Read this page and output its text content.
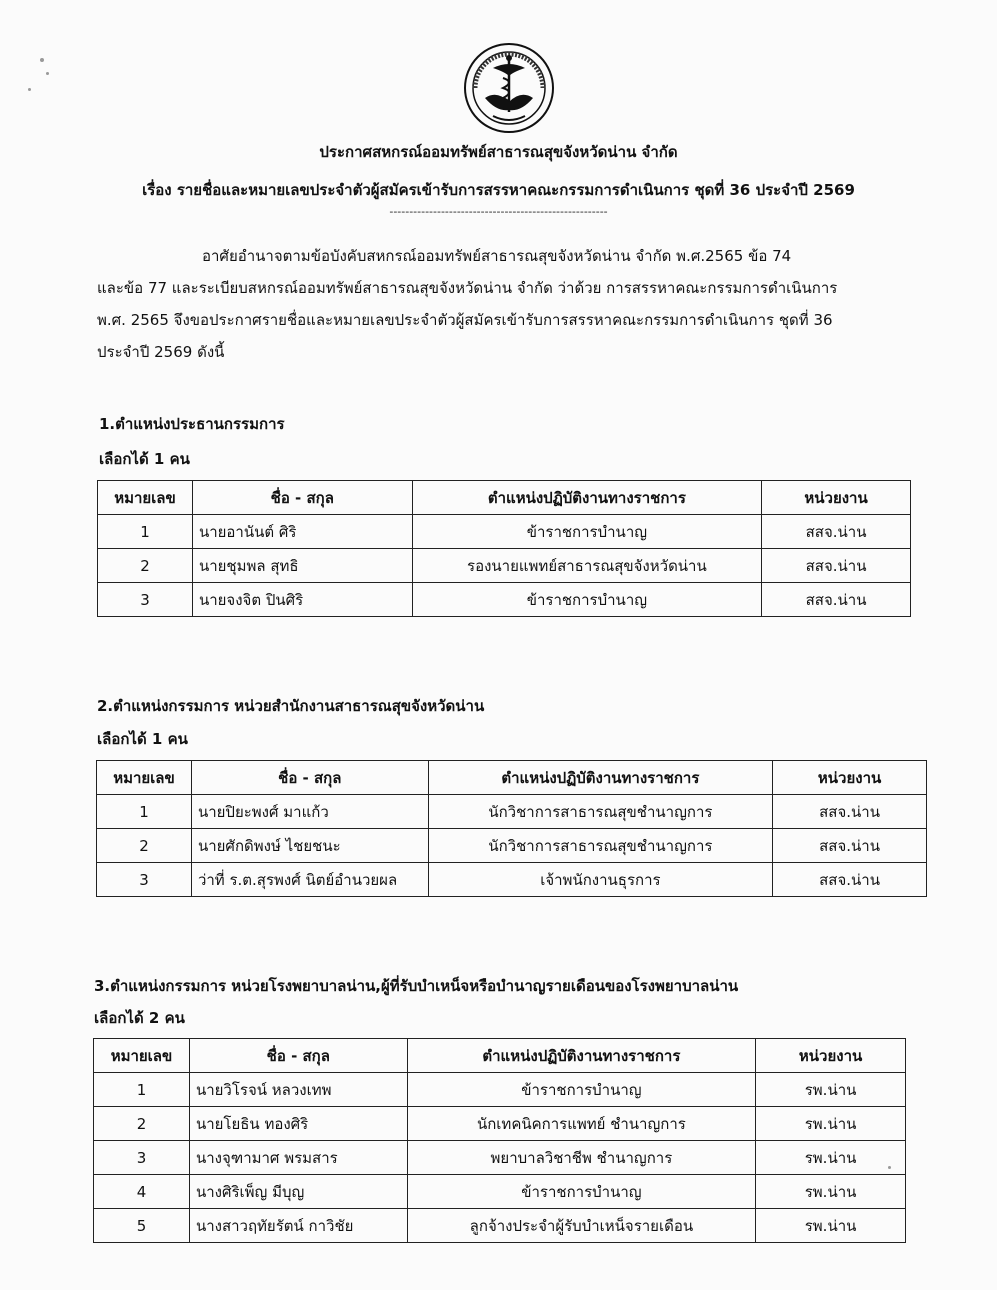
ประกาศสหกรณ์ออมทรัพย์สาธารณสุขจังหวัดน่าน จำกัด
เรื่อง รายชื่อและหมายเลขประจำตัวผู้สมัครเข้ารับการสรรหาคณะกรรมการดำเนินการ ชุดที่ 36 ประจำปี 2569
-------------------------------------------------------
อาศัยอำนาจตามข้อบังคับสหกรณ์ออมทรัพย์สาธารณสุขจังหวัดน่าน จำกัด พ.ศ.2565 ข้อ 74
และข้อ 77 และระเบียบสหกรณ์ออมทรัพย์สาธารณสุขจังหวัดน่าน จำกัด ว่าด้วย การสรรหาคณะกรรมการดำเนินการ
พ.ศ. 2565 จึงขอประกาศรายชื่อและหมายเลขประจำตัวผู้สมัครเข้ารับการสรรหาคณะกรรมการดำเนินการ ชุดที่ 36
ประจำปี 2569 ดังนี้
1.ตำแหน่งประธานกรรมการ
เลือกได้ 1 คน
หมายเลข	ชื่อ - สกุล	ตำแหน่งปฏิบัติงานทางราชการ	หน่วยงาน
1	นายอานันต์ ศิริ	ข้าราชการบำนาญ	สสจ.น่าน
2	นายชุมพล สุทธิ	รองนายแพทย์สาธารณสุขจังหวัดน่าน	สสจ.น่าน
3	นายจงจิต ปินศิริ	ข้าราชการบำนาญ	สสจ.น่าน
2.ตำแหน่งกรรมการ หน่วยสำนักงานสาธารณสุขจังหวัดน่าน
เลือกได้ 1 คน
หมายเลข	ชื่อ - สกุล	ตำแหน่งปฏิบัติงานทางราชการ	หน่วยงาน
1	นายปิยะพงศ์ มาแก้ว	นักวิชาการสาธารณสุขชำนาญการ	สสจ.น่าน
2	นายศักดิพงษ์ ไชยชนะ	นักวิชาการสาธารณสุขชำนาญการ	สสจ.น่าน
3	ว่าที่ ร.ต.สุรพงศ์ นิตย์อำนวยผล	เจ้าพนักงานธุรการ	สสจ.น่าน
3.ตำแหน่งกรรมการ หน่วยโรงพยาบาลน่าน,ผู้ที่รับบำเหน็จหรือบำนาญรายเดือนของโรงพยาบาลน่าน
เลือกได้ 2 คน
หมายเลข	ชื่อ - สกุล	ตำแหน่งปฏิบัติงานทางราชการ	หน่วยงาน
1	นายวิโรจน์ หลวงเทพ	ข้าราชการบำนาญ	รพ.น่าน
2	นายโยธิน ทองศิริ	นักเทคนิคการแพทย์ ชำนาญการ	รพ.น่าน
3	นางจุฑามาศ พรมสาร	พยาบาลวิชาชีพ ชำนาญการ	รพ.น่าน
4	นางศิริเพ็ญ มีบุญ	ข้าราชการบำนาญ	รพ.น่าน
5	นางสาวฤทัยรัตน์ กาวิชัย	ลูกจ้างประจำผู้รับบำเหน็จรายเดือน	รพ.น่าน
